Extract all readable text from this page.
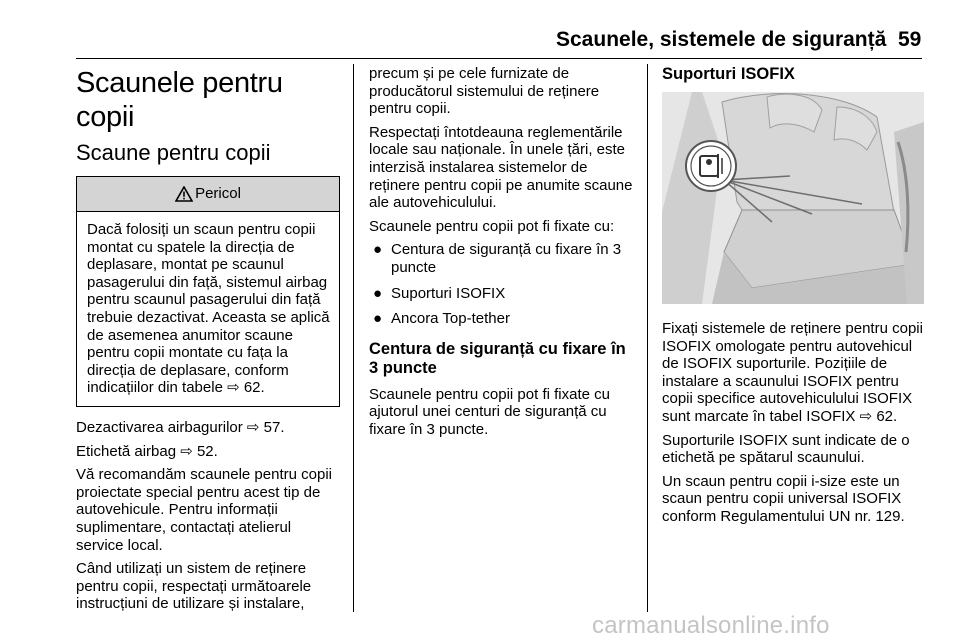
Scaunele, sistemele de siguranță 59
Scaunele pentru copii
Scaune pentru copii
Pericol
Dacă folosiți un scaun pentru copii montat cu spatele la direcția de deplasare, montat pe scaunul pasagerului din față, sistemul airbag pentru scaunul pasagerului din față trebuie dezactivat. Aceasta se aplică de asemenea anumitor scaune pentru copii montate cu fața la direcția de deplasare, conform indicațiilor din tabele ⇨ 62.

Dezactivarea airbagurilor ⇨ 57.

Etichetă airbag ⇨ 52.

Vă recomandăm scaunele pentru copii proiectate special pentru acest tip de autovehicule. Pentru informații suplimentare, contactați atelierul service local.

Când utilizați un sistem de reținere pentru copii, respectați următoarele instrucțiuni de utilizare și instalare,

precum și pe cele furnizate de producătorul sistemului de reținere pentru copii.

Respectați întotdeauna reglementările locale sau naționale. În unele țări, este interzisă instalarea sistemelor de reținere pentru copii pe anumite scaune ale autovehiculului.

Scaunele pentru copii pot fi fixate cu:

● Centura de siguranță cu fixare în 3 puncte
● Suporturi ISOFIX
● Ancora Top-tether
Centura de siguranță cu fixare în 3 puncte

Scaunele pentru copii pot fi fixate cu ajutorul unei centuri de siguranță cu fixare în 3 puncte.

Suporturi ISOFIX

Fixați sistemele de reținere pentru copii ISOFIX omologate pentru autovehicul de ISOFIX suporturile. Pozițiile de instalare a scaunului ISOFIX pentru copii specifice autovehiculului ISOFIX sunt marcate în tabel ISOFIX ⇨ 62.

Suporturile ISOFIX sunt indicate de o etichetă pe spătarul scaunului.

Un scaun pentru copii i-size este un scaun pentru copii universal ISOFIX conform Regulamentului UN nr. 129.

carmanualsonline.info
